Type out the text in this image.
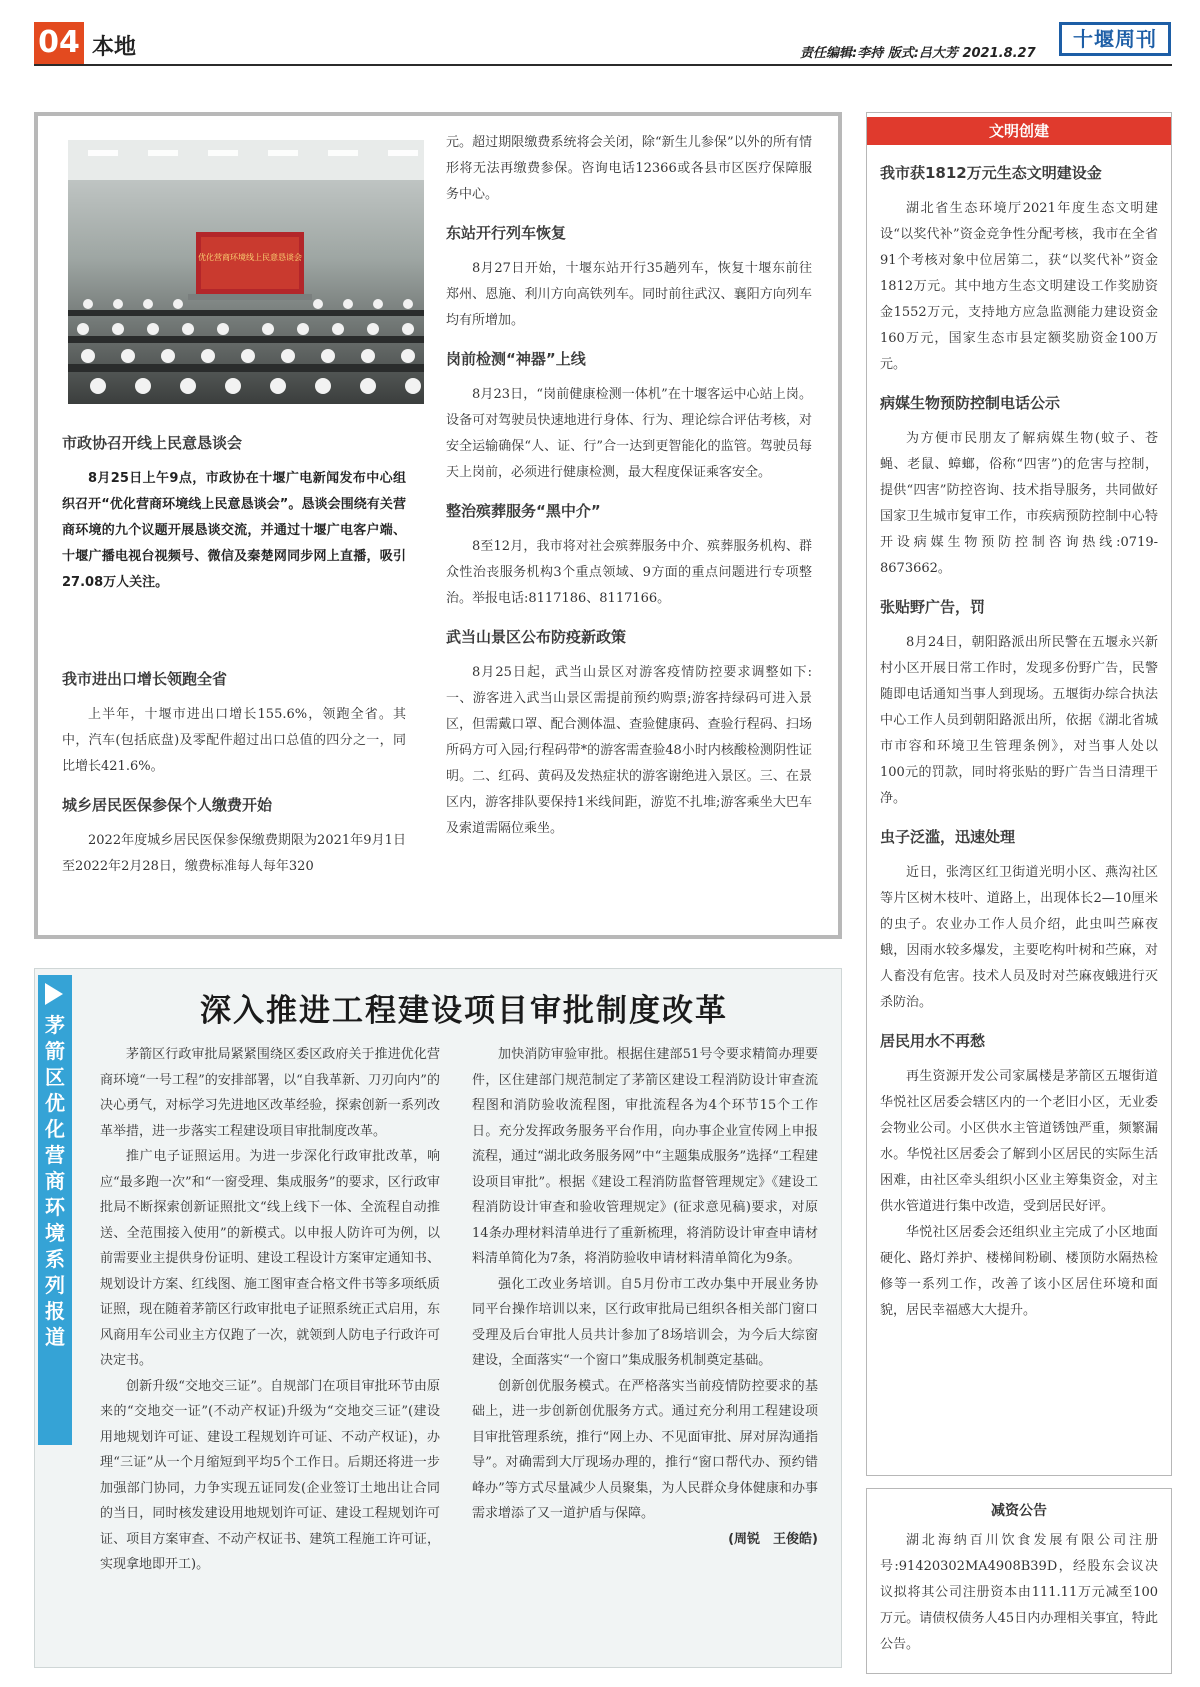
04 本地	责任编辑:李持 版式:吕大芳 2021.8.27
十堰周刊
优化营商环境线上民意恳谈会
市政协召开线上民意恳谈会

8月25日上午9点，市政协在十堰广电新闻发布中心组织召开“优化营商环境线上民意恳谈会”。恳谈会围绕有关营商环境的九个议题开展恳谈交流，并通过十堰广电客户端、十堰广播电视台视频号、微信及秦楚网同步网上直播，吸引27.08万人关注。

我市进出口增长领跑全省

上半年，十堰市进出口增长155.6%，领跑全省。其中，汽车(包括底盘)及零配件超过出口总值的四分之一，同比增长421.6%。

城乡居民医保参保个人缴费开始

2022年度城乡居民医保参保缴费期限为2021年9月1日至2022年2月28日，缴费标准每人每年320

元。超过期限缴费系统将会关闭，除“新生儿参保”以外的所有情形将无法再缴费参保。咨询电话12366或各县市区医疗保障服务中心。
东站开行列车恢复

8月27日开始，十堰东站开行35趟列车，恢复十堰东前往郑州、恩施、利川方向高铁列车。同时前往武汉、襄阳方向列车均有所增加。

岗前检测“神器”上线

8月23日，“岗前健康检测一体机”在十堰客运中心站上岗。设备可对驾驶员快速地进行身体、行为、理论综合评估考核，对安全运输确保“人、证、行”合一达到更智能化的监管。驾驶员每天上岗前，必须进行健康检测，最大程度保证乘客安全。

整治殡葬服务“黑中介”

8至12月，我市将对社会殡葬服务中介、殡葬服务机构、群众性治丧服务机构3个重点领域、9方面的重点问题进行专项整治。举报电话:8117186、8117166。

武当山景区公布防疫新政策

8月25日起，武当山景区对游客疫情防控要求调整如下:一、游客进入武当山景区需提前预约购票;游客持绿码可进入景区，但需戴口罩、配合测体温、查验健康码、查验行程码、扫场所码方可入园;行程码带*的游客需查验48小时内核酸检测阴性证明。二、红码、黄码及发热症状的游客谢绝进入景区。三、在景区内，游客排队要保持1米线间距，游览不扎堆;游客乘坐大巴车及索道需隔位乘坐。

茅箭区优化营商环境系列报道
深入推进工程建设项目审批制度改革

茅箭区行政审批局紧紧围绕区委区政府关于推进优化营商环境“一号工程”的安排部署，以“自我革新、刀刃向内”的决心勇气，对标学习先进地区改革经验，探索创新一系列改革举措，进一步落实工程建设项目审批制度改革。

推广电子证照运用。为进一步深化行政审批改革，响应“最多跑一次”和“一窗受理、集成服务”的要求，区行政审批局不断探索创新证照批文“线上线下一体、全流程自动推送、全范围接入使用”的新模式。以申报人防许可为例，以前需要业主提供身份证明、建设工程设计方案审定通知书、规划设计方案、红线图、施工图审查合格文件书等多项纸质证照，现在随着茅箭区行政审批电子证照系统正式启用，东风商用车公司业主方仅跑了一次，就领到人防电子行政许可决定书。

创新升级“交地交三证”。自规部门在项目审批环节由原来的“交地交一证”(不动产权证)升级为“交地交三证”(建设用地规划许可证、建设工程规划许可证、不动产权证)，办理“三证”从一个月缩短到平均5个工作日。后期还将进一步加强部门协同，力争实现五证同发(企业签订土地出让合同的当日，同时核发建设用地规划许可证、建设工程规划许可证、项目方案审查、不动产权证书、建筑工程施工许可证，实现拿地即开工)。

加快消防审验审批。根据住建部51号令要求精简办理要件，区住建部门规范制定了茅箭区建设工程消防设计审查流程图和消防验收流程图，审批流程各为4个环节15个工作日。充分发挥政务服务平台作用，向办事企业宣传网上申报流程，通过“湖北政务服务网”中“主题集成服务”选择“工程建设项目审批”。根据《建设工程消防监督管理规定》《建设工程消防设计审查和验收管理规定》(征求意见稿)要求，对原14条办理材料清单进行了重新梳理，将消防设计审查申请材料清单简化为7条，将消防验收申请材料清单简化为9条。

强化工改业务培训。自5月份市工改办集中开展业务协同平台操作培训以来，区行政审批局已组织各相关部门窗口受理及后台审批人员共计参加了8场培训会，为今后大综窗建设，全面落实“一个窗口”集成服务机制奠定基础。

创新创优服务模式。在严格落实当前疫情防控要求的基础上，进一步创新创优服务方式。通过充分利用工程建设项目审批管理系统，推行“网上办、不见面审批、屏对屏沟通指导”。对确需到大厅现场办理的，推行“窗口帮代办、预约错峰办”等方式尽量减少人员聚集，为人民群众身体健康和办事需求增添了又一道护盾与保障。

(周锐　王俊皓)
文明创建
我市获1812万元生态文明建设金

湖北省生态环境厅2021年度生态文明建设“以奖代补”资金竞争性分配考核，我市在全省91个考核对象中位居第二，获“以奖代补”资金1812万元。其中地方生态文明建设工作奖励资金1552万元，支持地方应急监测能力建设资金160万元，国家生态市县定额奖励资金100万元。

病媒生物预防控制电话公示

为方便市民朋友了解病媒生物(蚊子、苍蝇、老鼠、蟑螂，俗称“四害”)的危害与控制，提供“四害”防控咨询、技术指导服务，共同做好国家卫生城市复审工作，市疾病预防控制中心特开设病媒生物预防控制咨询热线:0719-8673662。

张贴野广告，罚

8月24日，朝阳路派出所民警在五堰永兴新村小区开展日常工作时，发现多份野广告，民警随即电话通知当事人到现场。五堰街办综合执法中心工作人员到朝阳路派出所，依据《湖北省城市市容和环境卫生管理条例》，对当事人处以100元的罚款，同时将张贴的野广告当日清理干净。

虫子泛滥，迅速处理

近日，张湾区红卫街道光明小区、燕沟社区等片区树木枝叶、道路上，出现体长2—10厘米的虫子。农业办工作人员介绍，此虫叫苎麻夜蛾，因雨水较多爆发，主要吃构叶树和苎麻，对人畜没有危害。技术人员及时对苎麻夜蛾进行灭杀防治。

居民用水不再愁

再生资源开发公司家属楼是茅箭区五堰街道华悦社区居委会辖区内的一个老旧小区，无业委会物业公司。小区供水主管道锈蚀严重，频繁漏水。华悦社区居委会了解到小区居民的实际生活困难，由社区牵头组织小区业主筹集资金，对主供水管道进行集中改造，受到居民好评。

华悦社区居委会还组织业主完成了小区地面硬化、路灯养护、楼梯间粉刷、楼顶防水隔热检修等一系列工作，改善了该小区居住环境和面貌，居民幸福感大大提升。

减资公告

湖北海纳百川饮食发展有限公司注册号:91420302MA4908B39D，经股东会议决议拟将其公司注册资本由111.11万元减至100万元。请债权债务人45日内办理相关事宜，特此公告。
